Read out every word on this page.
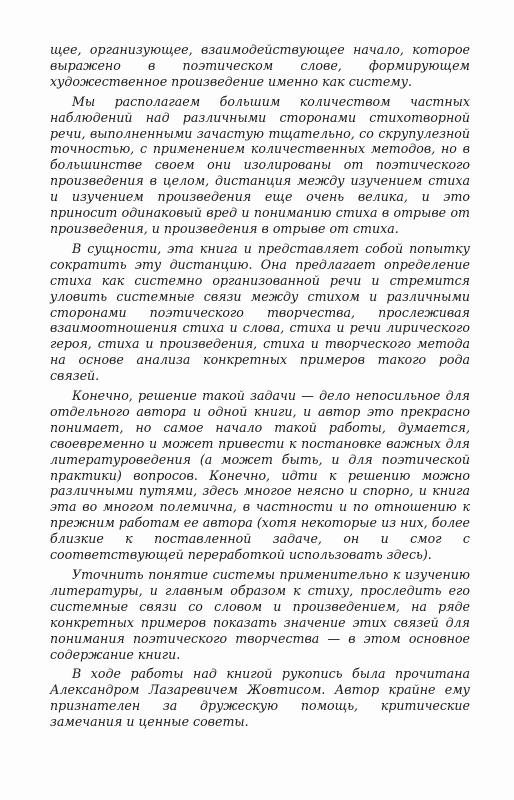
щее, организующее, взаимодействующее начало, которое выражено в поэтическом слове, формирующем художественное произведение именно как систему.

Мы располагаем большим количеством частных наблюдений над различными сторонами стихотворной речи, выполненными зачастую тщательно, со скрупулезной точностью, с применением количественных методов, но в большинстве своем они изолированы от поэтического произведения в целом, дистанция между изучением стиха и изучением произведения еще очень велика, и это приносит одинаковый вред и пониманию стиха в отрыве от произведения, и произведения в отрыве от стиха.

В сущности, эта книга и представляет собой попытку сократить эту дистанцию. Она предлагает определение стиха как системно организованной речи и стремится уловить системные связи между стихом и различными сторонами поэтического творчества, прослеживая взаимоотношения стиха и слова, стиха и речи лирического героя, стиха и произведения, стиха и творческого метода на основе анализа конкретных примеров такого рода связей.

Конечно, решение такой задачи — дело непосильное для отдельного автора и одной книги, и автор это прекрасно понимает, но самое начало такой работы, думается, своевременно и может привести к постановке важных для литературоведения (а может быть, и для поэтической практики) вопросов. Конечно, идти к решению можно различными путями, здесь многое неясно и спорно, и книга эта во многом полемична, в частности и по отношению к прежним работам ее автора (хотя некоторые из них, более близкие к поставленной задаче, он и смог с соответствующей переработкой использовать здесь).

Уточнить понятие системы применительно к изучению литературы, и главным образом к стиху, проследить его системные связи со словом и произведением, на ряде конкретных примеров показать значение этих связей для понимания поэтического творчества — в этом основное содержание книги.

В ходе работы над книгой рукопись была прочитана Александром Лазаревичем Жовтисом. Автор крайне ему признателен за дружескую помощь, критические замечания и ценные советы.
